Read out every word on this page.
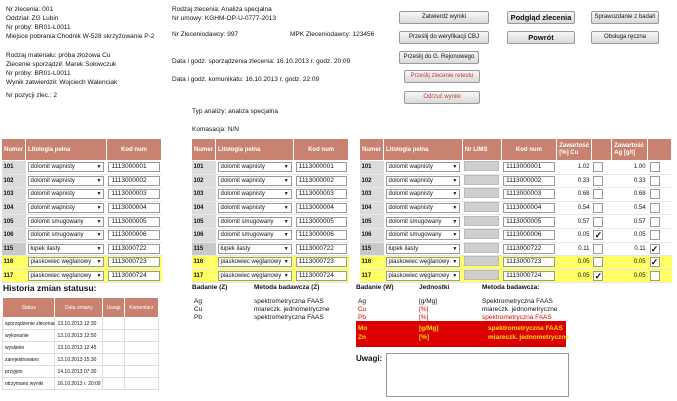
Nr zlecenia: 001
Oddział: ZG Lubin
Nr próby: BR01-L0011
Miejsce pobrania:Chodnik W-528 skrzyżowanie P-2
Rodzaj materiału: próba złożowa Cu
Zlecenie sporządził: Marek Sołowczuk
Nr próby: BR01-L0011
Wynik zatwierdził: Wojciech Walenciak
Nr pozycji zlec.: 2
Rodzaj zlecenia: Analiza specjalna
Nr umowy: KGHM-OP-U-0777-2013
Nr Zleceniodawcy: 997	MPK Zleceniodawcy: 123456
Data i godz. sporządzenia zlecenia: 16.10.2013 r. godz. 20:09
Data i godz. komunikatu: 16.10.2013 r. godz. 22:09
Typ analizy: analiza specjalna
Komasacja: N/N
Zatwierdź wyniki	Podgląd zlecenia	Sprawozdanie z badań
Prześlij do weryfikacji CBJ	Powrót	Obsługa ręczna
Prześlij do G. Rejonowego
Prześlij zlecenie retestu
Odrzuć wyniki
Numer	Litologia pełna	Kod num
101	dolomit wapnisty ▼	1113000001
102	dolomit wapnisty ▼	1113000002
103	dolomit wapnisty ▼	1113000003
104	dolomit wapnisty ▼	1113000004
105	dolomit smugowany ▼	1113000005
106	dolomit smugowany ▼	1113000006
115	łupek ilasty ▼	1113000722
116	piaskowiec węglanowy ▼	1113000723
117	piaskowiec węglanowy ▼	1113000724
Numer	Litologia pełna	Kod num
101	dolomit wapnisty ▼	1113000001
102	dolomit wapnisty ▼	1113000002
103	dolomit wapnisty ▼	1113000003
104	dolomit wapnisty ▼	1113000004
105	dolomit smugowany ▼	1113000005
106	dolomit smugowany ▼	1113000006
115	łupek ilasty ▼	1113000722
116	piaskowiec węglanowy ▼	1113000723
117	piaskowiec węglanowy ▼	1113000724
Numer	Litologia pełna	Nr LIMS	Kod num	Zawartość [%] Cu		Zawartość Ag [g/t]	
101	dolomit wapnisty ▼		1113000001	1.02		1.00	
102	dolomit wapnisty ▼		1113000002	0.33		0.33	
103	dolomit wapnisty ▼		1113000003	0.68		0.68	
104	dolomit wapnisty ▼		1113000004	0.54		0.54	
105	dolomit smugowany ▼		1113000005	0.57		0.57	
106	dolomit smugowany ▼		1113000006	0.05	✓	0.05	
115	łupek ilasty ▼		1113000722	0.11		0.11	✓
116	piaskowiec węglanowy ▼		1113000723	0.05		0.05	✓
117	piaskowiec węglanowy ▼		1113000724	0.05	✓	0.05	
Historia zmian statusu:
Status	Data zmiany	Uwagi	Komentarz
sporządzenie zlecenia	13.10.2013 12:30		
wykonanie	13.10.2013 12:50		
wysłanie	13.10.2013 12:45		
zarejestrowano	13.10.2013 15:30		
przyjęto	14.10.2013 07:30		
otrzymano wyniki	16.10.2013 r. 20:09		
Badanie (Z)	Metoda badawcza (Z)
Ag	spektrometryczna FAAS
Cu	miareczk. jednometryczne
Pb	spektrometryczna FAAS
Badanie (W)	Jednostki	Metoda badawcza:
Ag	[g/Mg]	Spektrometryczna FAAS
Cu	[%]	miareczk. jednometryczne
Pb	[%]	spektrometryczna FAAS
Mo	[g/Mg]	spektrometryczna FAAS
Zn	[%]	miareczk. jednometryczne
Uwagi:
